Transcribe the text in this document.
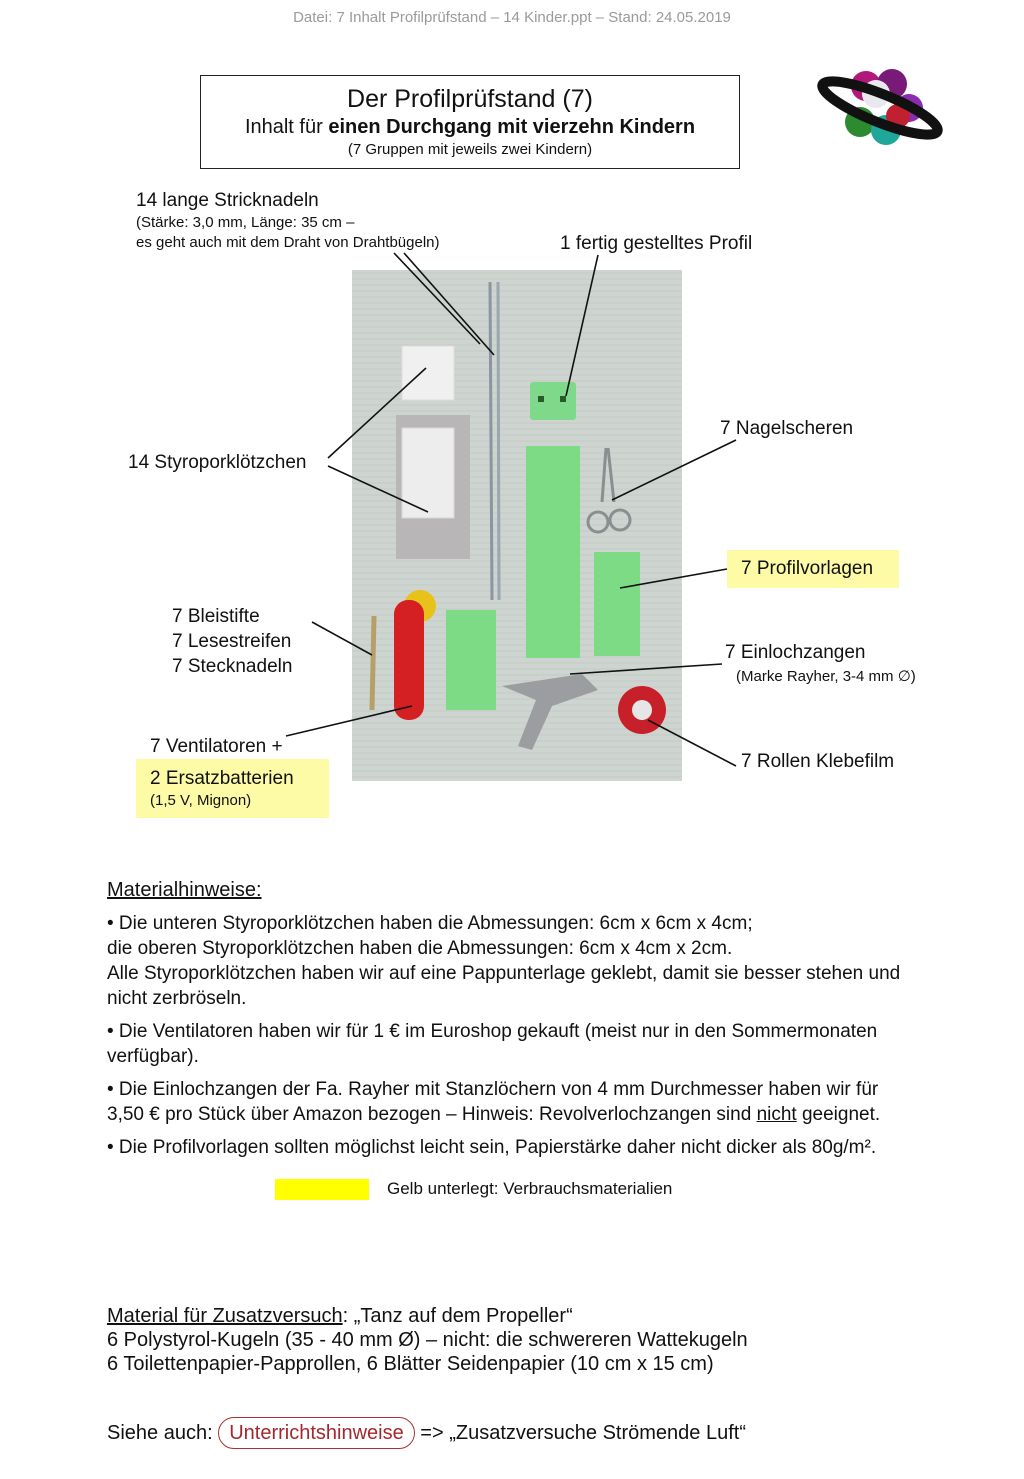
Datei: 7 Inhalt Profilprüfstand – 14 Kinder.ppt – Stand: 24.05.2019
Der Profilprüfstand (7)
Inhalt für einen Durchgang mit vierzehn Kindern
(7 Gruppen mit jeweils zwei Kindern)
14 lange Stricknadeln
(Stärke: 3,0 mm, Länge: 35 cm –
es geht auch mit dem Draht von Drahtbügeln)	1 fertig gestelltes Profil
7 Nagelscheren
14 Styroporklötzchen
7 Profilvorlagen
7 Bleistifte
7 Lesestreifen
7 Stecknadeln
7 Einlochzangen
(Marke Rayher, 3-4 mm ∅)
7 Ventilatoren +
2 Ersatzbatterien
(1,5 V, Mignon)
7 Rollen Klebefilm

Materialhinweise:

• Die unteren Styroporklötzchen haben die Abmessungen: 6cm x 6cm x 4cm;
die oberen Styroporklötzchen haben die Abmessungen: 6cm x 4cm x 2cm.
Alle Styroporklötzchen haben wir auf eine Pappunterlage geklebt, damit sie besser stehen und
nicht zerbröseln.

• Die Ventilatoren haben wir für 1 € im Euroshop gekauft (meist nur in den Sommermonaten
verfügbar).

• Die Einlochzangen der Fa. Rayher mit Stanzlöchern von 4 mm Durchmesser haben wir für
3,50 € pro Stück über Amazon bezogen – Hinweis: Revolverlochzangen sind nicht geeignet.

• Die Profilvorlagen sollten möglichst leicht sein, Papierstärke daher nicht dicker als 80g/m².

Gelb unterlegt: Verbrauchsmaterialien
Material für Zusatzversuch: „Tanz auf dem Propeller“
6 Polystyrol-Kugeln (35 - 40 mm Ø) – nicht: die schwereren Wattekugeln
6 Toilettenpapier-Papprollen, 6 Blätter Seidenpapier (10 cm x 15 cm)
Siehe auch: Unterrichtshinweise => „Zusatzversuche Strömende Luft“
